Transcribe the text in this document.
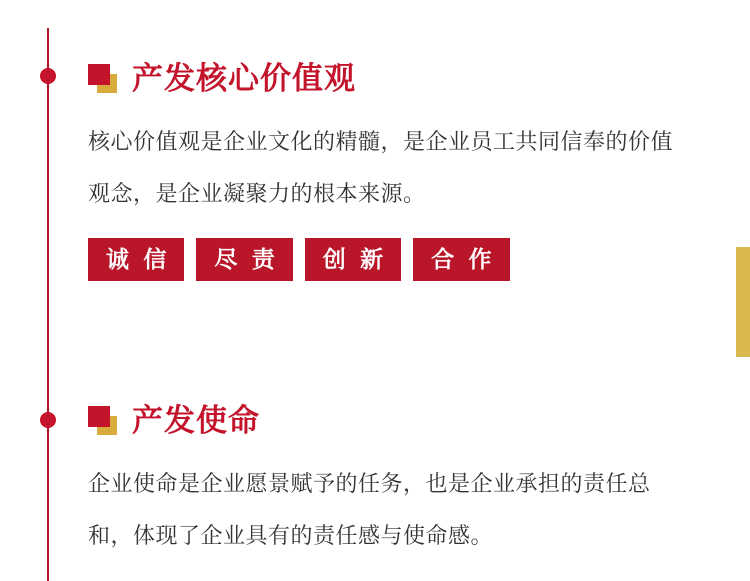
产发核心价值观
核心价值观是企业文化的精髓，是企业员工共同信奉的价值观念，是企业凝聚力的根本来源。
诚 信	尽 责	创 新	合 作
产发使命
企业使命是企业愿景赋予的任务，也是企业承担的责任总和，体现了企业具有的责任感与使命感。
